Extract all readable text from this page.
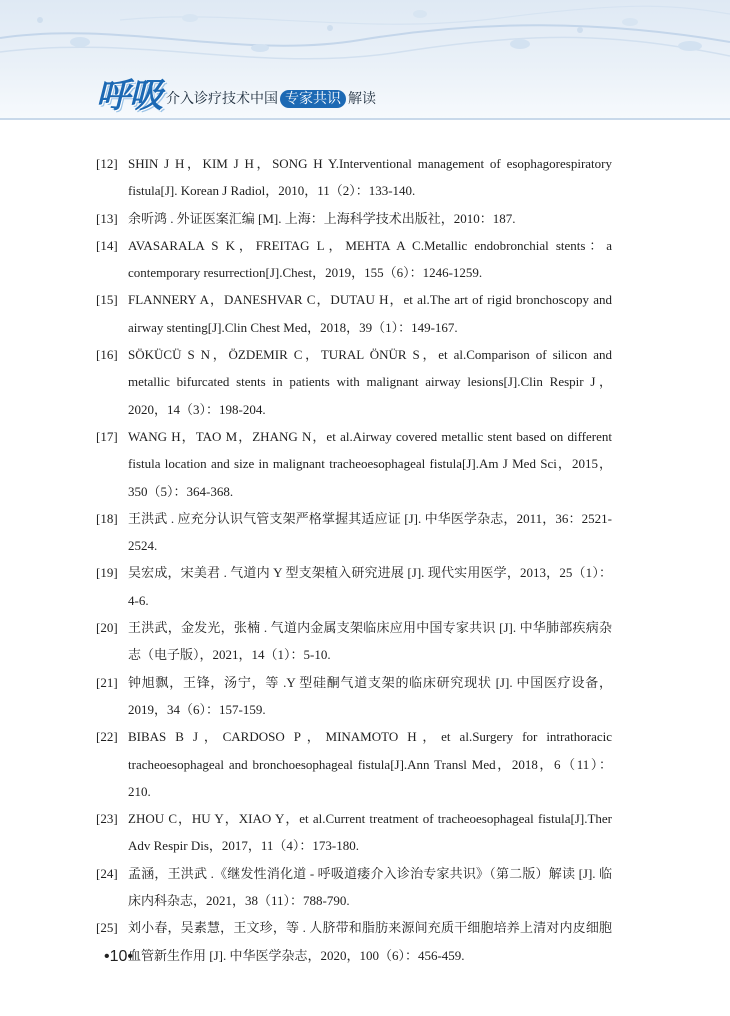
呼吸 介入诊疗技术中国 专家共识 解读
[12] SHIN J H，KIM J H，SONG H Y.Interventional management of esophagorespiratory fistula[J]. Korean J Radiol，2010，11（2）：133-140.
[13] 余听鸿 . 外证医案汇编 [M]. 上海：上海科学技术出版社，2010：187.
[14] AVASARALA S K，FREITAG L，MEHTA A C.Metallic endobronchial stents：a contemporary resurrection[J].Chest，2019，155（6）：1246-1259.
[15] FLANNERY A，DANESHVAR C，DUTAU H，et al.The art of rigid bronchoscopy and airway stenting[J].Clin Chest Med，2018，39（1）：149-167.
[16] SÖKÜCÜ S N，ÖZDEMIR C，TURAL ÖNÜR S，et al.Comparison of silicon and metallic bifurcated stents in patients with malignant airway lesions[J].Clin Respir J，2020，14（3）：198-204.
[17] WANG H，TAO M，ZHANG N，et al.Airway covered metallic stent based on different fistula location and size in malignant tracheoesophageal fistula[J].Am J Med Sci，2015，350（5）：364-368.
[18] 王洪武 . 应充分认识气管支架严格掌握其适应证 [J]. 中华医学杂志，2011，36：2521-2524.
[19] 吴宏成，宋美君 . 气道内 Y 型支架植入研究进展 [J]. 现代实用医学，2013，25（1）：4-6.
[20] 王洪武，金发光，张楠 . 气道内金属支架临床应用中国专家共识 [J]. 中华肺部疾病杂志（电子版），2021，14（1）：5-10.
[21] 钟旭飘，王锋，汤宁，等 .Y 型硅酮气道支架的临床研究现状 [J]. 中国医疗设备，2019，34（6）：157-159.
[22] BIBAS B J，CARDOSO P，MINAMOTO H，et al.Surgery for intrathoracic tracheoesophageal and bronchoesophageal fistula[J].Ann Transl Med，2018，6（11）：210.
[23] ZHOU C，HU Y，XIAO Y，et al.Current treatment of tracheoesophageal fistula[J].Ther Adv Respir Dis，2017，11（4）：173-180.
[24] 孟涵，王洪武 .《继发性消化道 - 呼吸道瘘介入诊治专家共识》（第二版）解读 [J]. 临床内科杂志，2021，38（11）：788-790.
[25] 刘小春，吴素慧，王文珍，等 . 人脐带和脂肪来源间充质干细胞培养上清对内皮细胞血管新生作用 [J]. 中华医学杂志，2020，100（6）：456-459.
•10•
